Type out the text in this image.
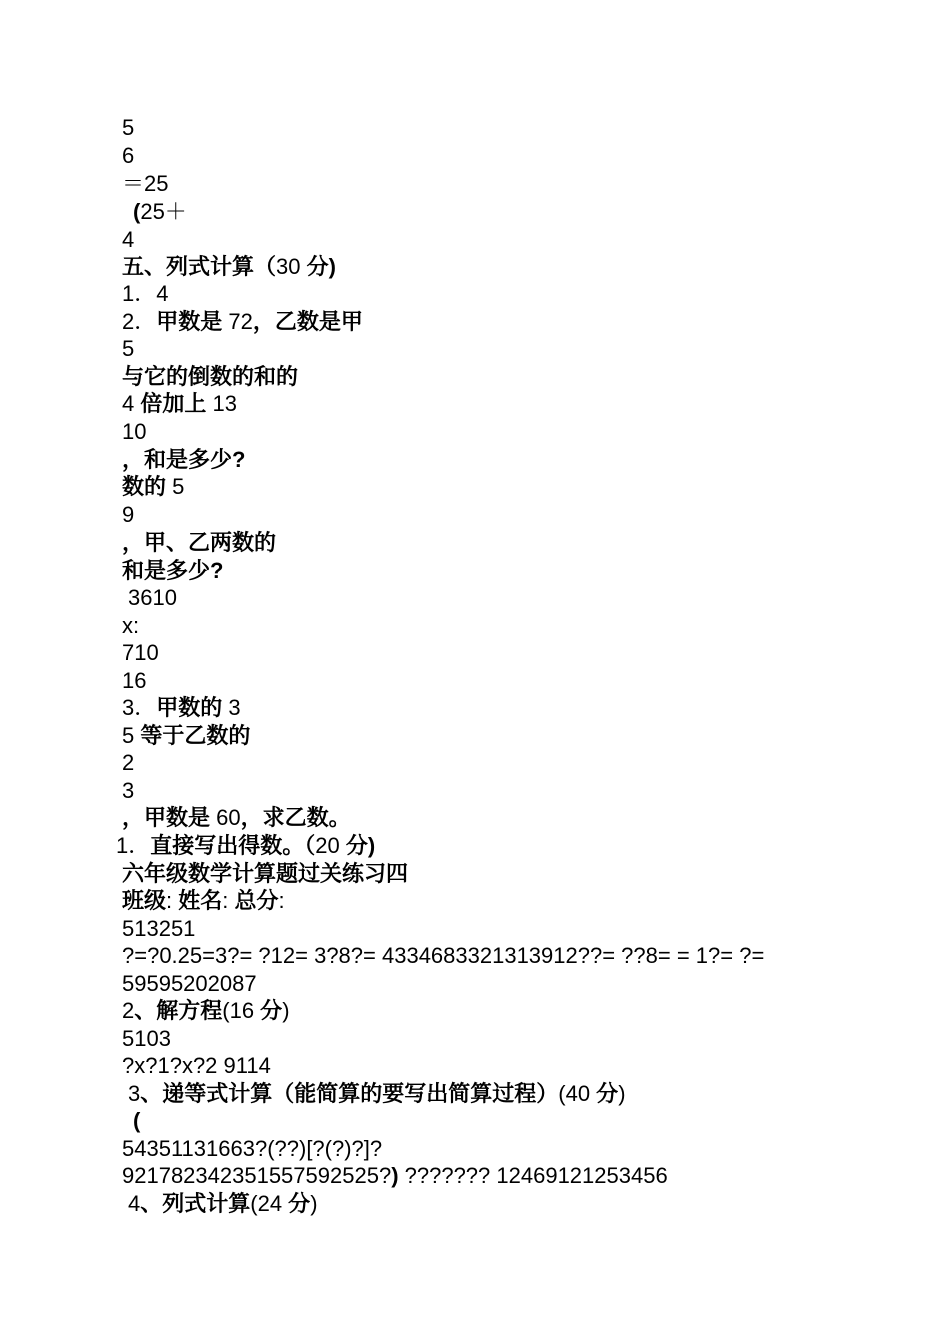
5
6
＝25
(25＋
4
五、列式计算（30 分)
1．4
2．甲数是 72，乙数是甲
5
与它的倒数的和的
4 倍加上 13
10
，和是多少?
数的 5
9
，甲、乙两数的
和是多少?
3610
x:
710
16
3．甲数的 3
5 等于乙数的
2
3
，甲数是 60，求乙数。
1．直接写出得数。（20 分)
六年级数学计算题过关练习四
班级: 姓名: 总分:
513251
?=?0.25=3?= ?12= 3?8?= 4334683321313912??= ??8= = 1?= ?=
59595202087
2、解方程(16 分)
5103
?x?1?x?2 9114
3、递等式计算（能简算的要写出简算过程）(40 分)
(
54351131663?(??)[?(?)?]?
921782342351557592525?) ??????? 12469121253456
4、列式计算(24 分)
